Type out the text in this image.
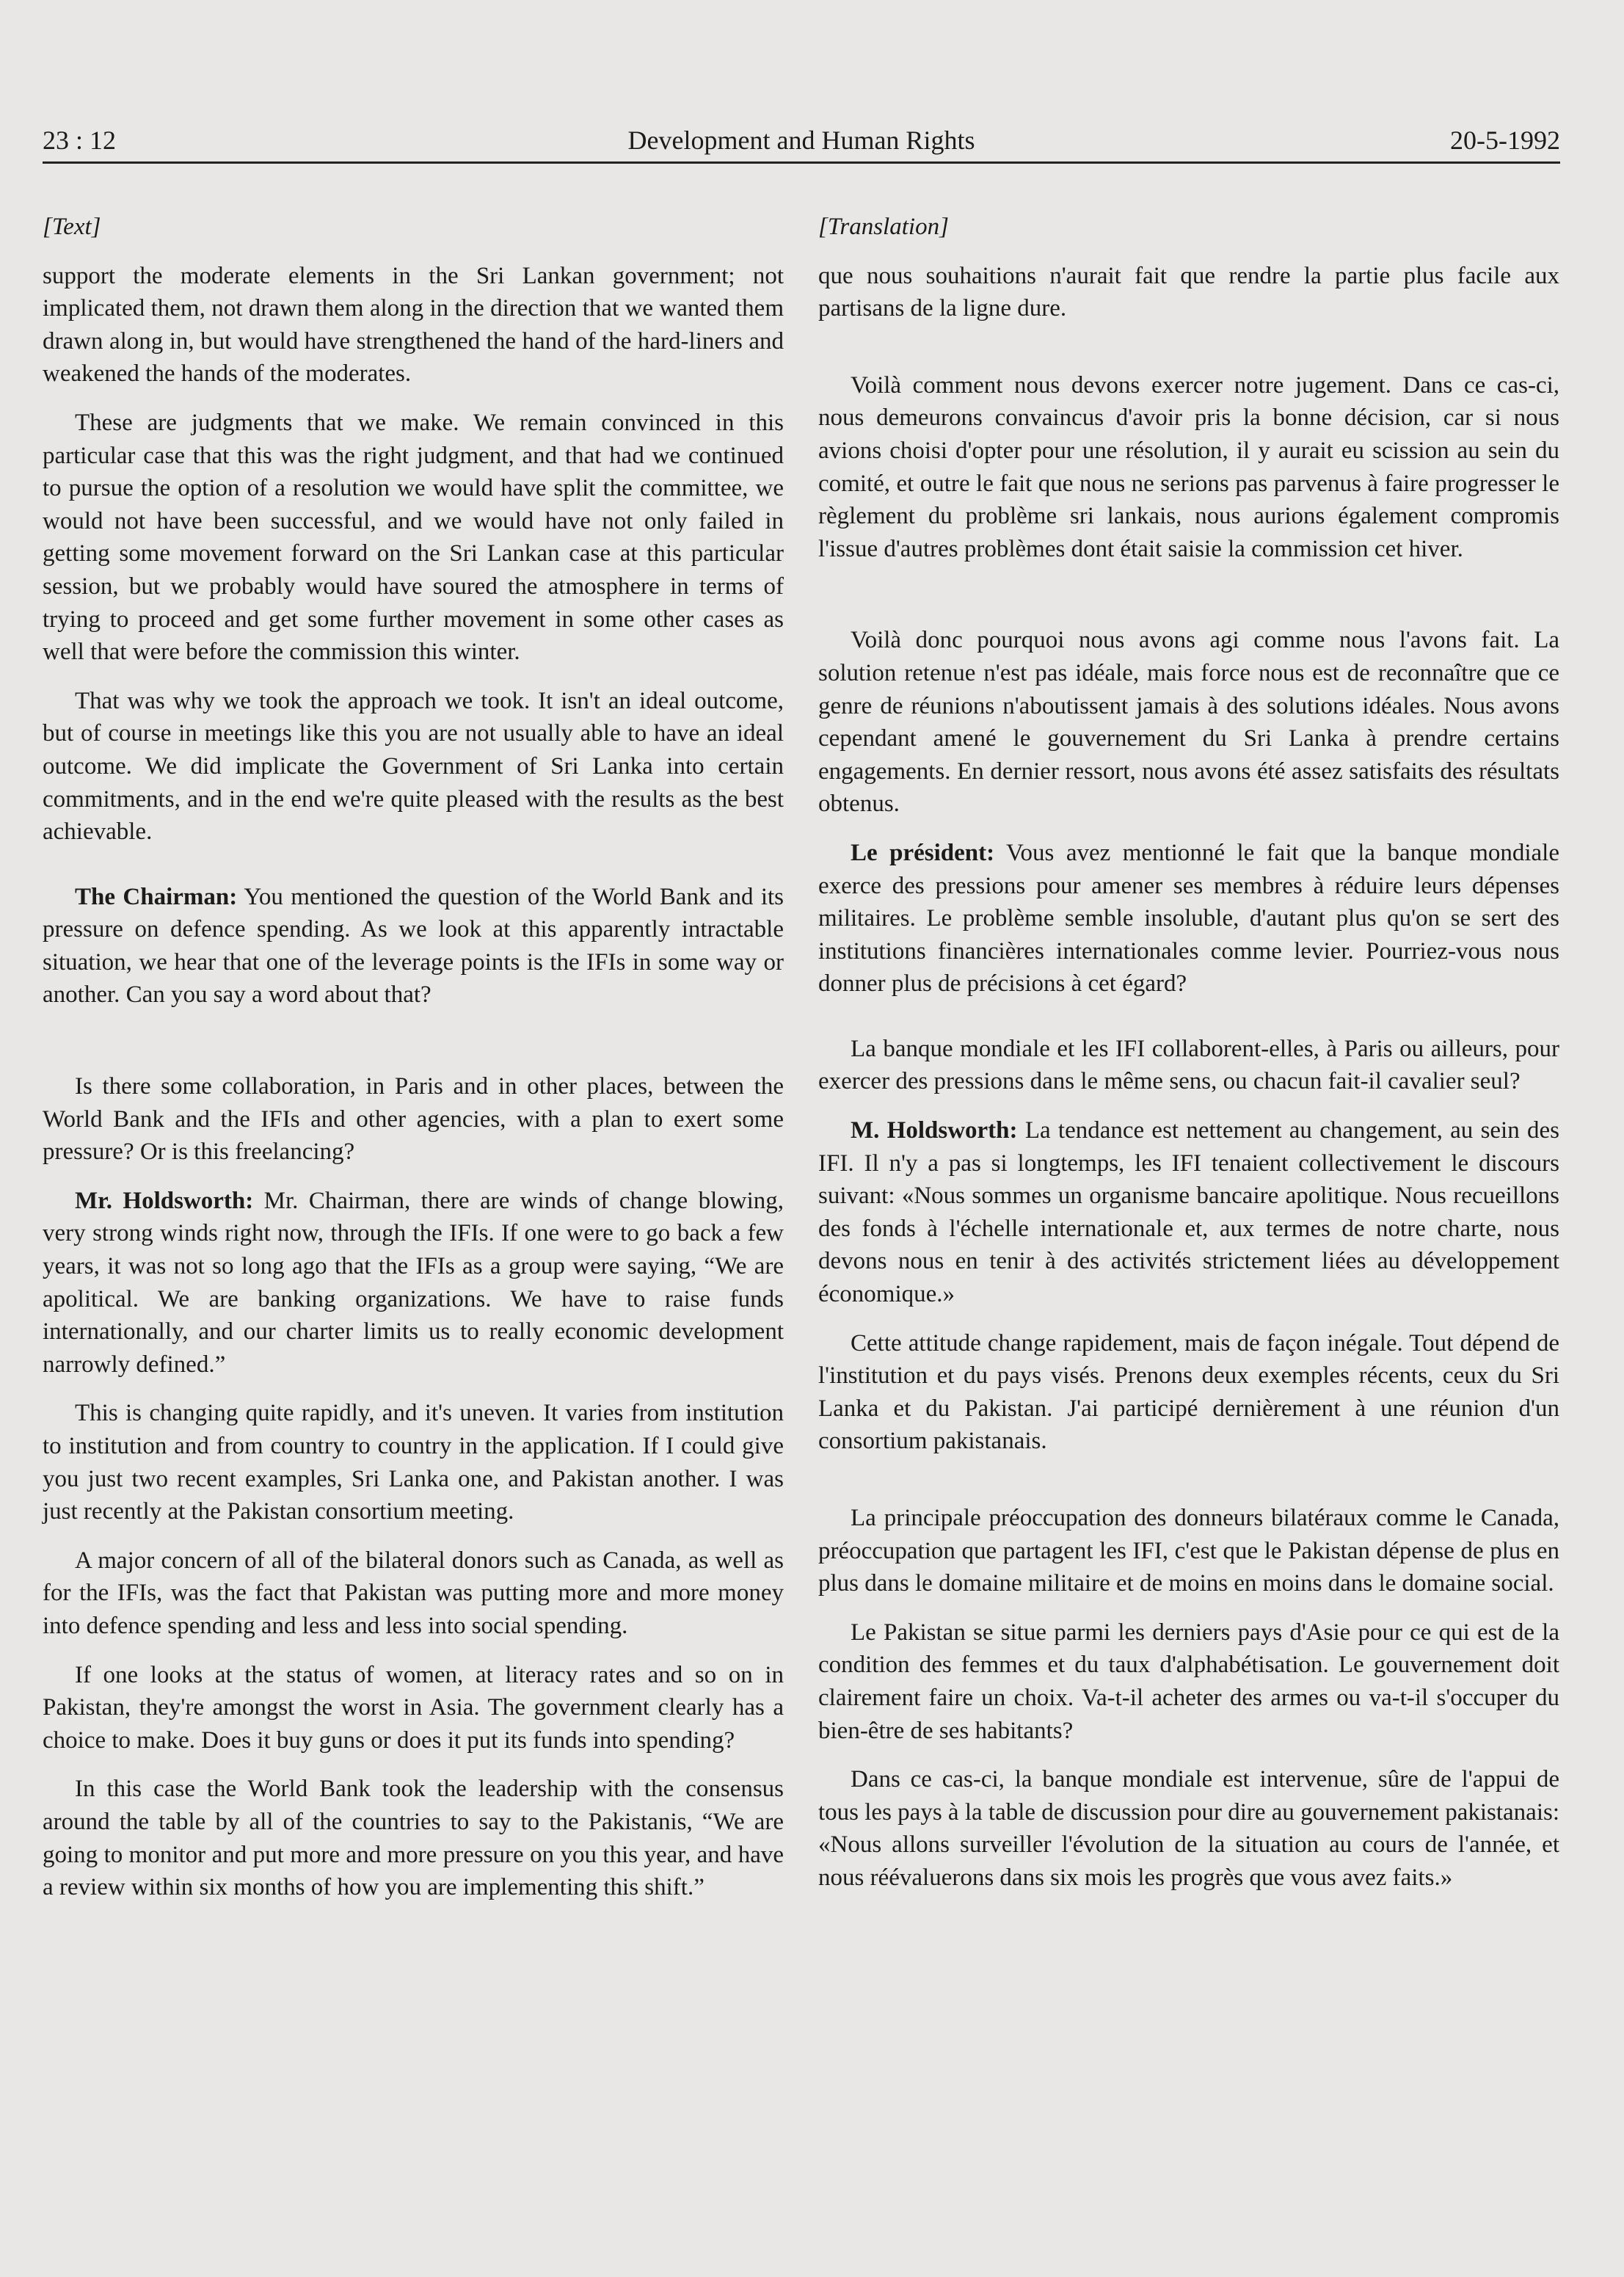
23 : 12	Development and Human Rights	20-5-1992
[Text]

support the moderate elements in the Sri Lankan government; not implicated them, not drawn them along in the direction that we wanted them drawn along in, but would have strengthened the hand of the hard-liners and weakened the hands of the moderates.

These are judgments that we make. We remain convinced in this particular case that this was the right judgment, and that had we continued to pursue the option of a resolution we would have split the committee, we would not have been successful, and we would have not only failed in getting some movement forward on the Sri Lankan case at this particular session, but we probably would have soured the atmosphere in terms of trying to proceed and get some further movement in some other cases as well that were before the commission this winter.

That was why we took the approach we took. It isn't an ideal outcome, but of course in meetings like this you are not usually able to have an ideal outcome. We did implicate the Government of Sri Lanka into certain commitments, and in the end we're quite pleased with the results as the best achievable.

The Chairman: You mentioned the question of the World Bank and its pressure on defence spending. As we look at this apparently intractable situation, we hear that one of the leverage points is the IFIs in some way or another. Can you say a word about that?

Is there some collaboration, in Paris and in other places, between the World Bank and the IFIs and other agencies, with a plan to exert some pressure? Or is this freelancing?

Mr. Holdsworth: Mr. Chairman, there are winds of change blowing, very strong winds right now, through the IFIs. If one were to go back a few years, it was not so long ago that the IFIs as a group were saying, “We are apolitical. We are banking organizations. We have to raise funds internationally, and our charter limits us to really economic development narrowly defined.”

This is changing quite rapidly, and it's uneven. It varies from institution to institution and from country to country in the application. If I could give you just two recent examples, Sri Lanka one, and Pakistan another. I was just recently at the Pakistan consortium meeting.

A major concern of all of the bilateral donors such as Canada, as well as for the IFIs, was the fact that Pakistan was putting more and more money into defence spending and less and less into social spending.

If one looks at the status of women, at literacy rates and so on in Pakistan, they're amongst the worst in Asia. The government clearly has a choice to make. Does it buy guns or does it put its funds into spending?

In this case the World Bank took the leadership with the consensus around the table by all of the countries to say to the Pakistanis, “We are going to monitor and put more and more pressure on you this year, and have a review within six months of how you are implementing this shift.”

[Translation]

que nous souhaitions n'aurait fait que rendre la partie plus facile aux partisans de la ligne dure.

Voilà comment nous devons exercer notre jugement. Dans ce cas-ci, nous demeurons convaincus d'avoir pris la bonne décision, car si nous avions choisi d'opter pour une résolution, il y aurait eu scission au sein du comité, et outre le fait que nous ne serions pas parvenus à faire progresser le règlement du problème sri lankais, nous aurions également compromis l'issue d'autres problèmes dont était saisie la commission cet hiver.

Voilà donc pourquoi nous avons agi comme nous l'avons fait. La solution retenue n'est pas idéale, mais force nous est de reconnaître que ce genre de réunions n'aboutissent jamais à des solutions idéales. Nous avons cependant amené le gouvernement du Sri Lanka à prendre certains engagements. En dernier ressort, nous avons été assez satisfaits des résultats obtenus.

Le président: Vous avez mentionné le fait que la banque mondiale exerce des pressions pour amener ses membres à réduire leurs dépenses militaires. Le problème semble insoluble, d'autant plus qu'on se sert des institutions financières internationales comme levier. Pourriez-vous nous donner plus de précisions à cet égard?

La banque mondiale et les IFI collaborent-elles, à Paris ou ailleurs, pour exercer des pressions dans le même sens, ou chacun fait-il cavalier seul?

M. Holdsworth: La tendance est nettement au changement, au sein des IFI. Il n'y a pas si longtemps, les IFI tenaient collectivement le discours suivant: «Nous sommes un organisme bancaire apolitique. Nous recueillons des fonds à l'échelle internationale et, aux termes de notre charte, nous devons nous en tenir à des activités strictement liées au développement économique.»

Cette attitude change rapidement, mais de façon inégale. Tout dépend de l'institution et du pays visés. Prenons deux exemples récents, ceux du Sri Lanka et du Pakistan. J'ai participé dernièrement à une réunion d'un consortium pakistanais.

La principale préoccupation des donneurs bilatéraux comme le Canada, préoccupation que partagent les IFI, c'est que le Pakistan dépense de plus en plus dans le domaine militaire et de moins en moins dans le domaine social.

Le Pakistan se situe parmi les derniers pays d'Asie pour ce qui est de la condition des femmes et du taux d'alphabétisation. Le gouvernement doit clairement faire un choix. Va-t-il acheter des armes ou va-t-il s'occuper du bien-être de ses habitants?

Dans ce cas-ci, la banque mondiale est intervenue, sûre de l'appui de tous les pays à la table de discussion pour dire au gouvernement pakistanais: «Nous allons surveiller l'évolution de la situation au cours de l'année, et nous réévaluerons dans six mois les progrès que vous avez faits.»
